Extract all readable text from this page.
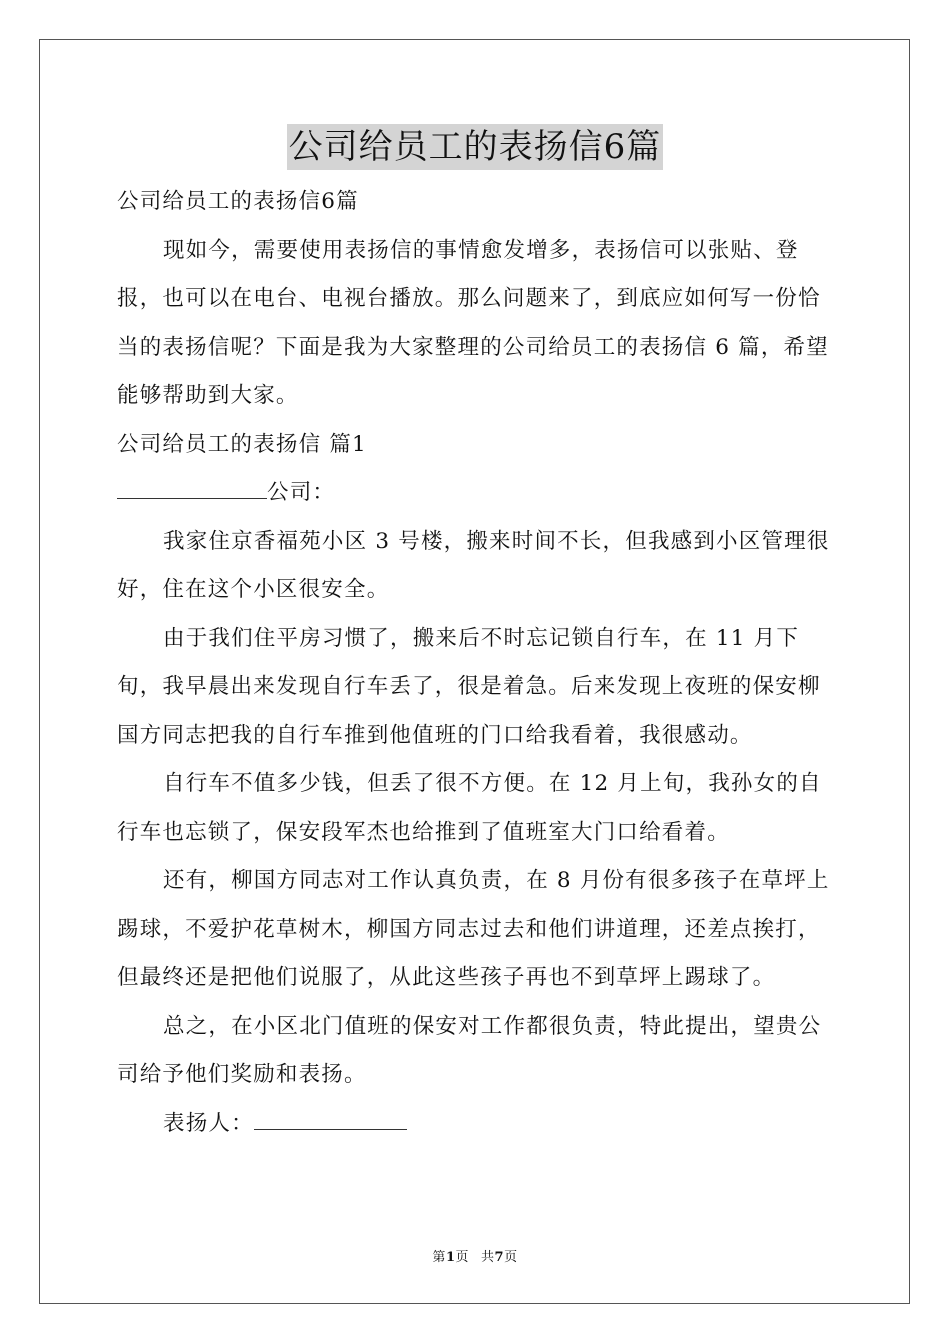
公司给员工的表扬信6篇

公司给员工的表扬信6篇

现如今，需要使用表扬信的事情愈发增多，表扬信可以张贴、登报，也可以在电台、电视台播放。那么问题来了，到底应如何写一份恰当的表扬信呢？下面是我为大家整理的公司给员工的表扬信 6 篇，希望能够帮助到大家。

公司给员工的表扬信 篇1

公司：

我家住京香福苑小区 3 号楼，搬来时间不长，但我感到小区管理很好，住在这个小区很安全。

由于我们住平房习惯了，搬来后不时忘记锁自行车，在 11 月下旬，我早晨出来发现自行车丢了，很是着急。后来发现上夜班的保安柳国方同志把我的自行车推到他值班的门口给我看着，我很感动。

自行车不值多少钱，但丢了很不方便。在 12 月上旬，我孙女的自行车也忘锁了，保安段军杰也给推到了值班室大门口给看着。

还有，柳国方同志对工作认真负责，在 8 月份有很多孩子在草坪上踢球，不爱护花草树木，柳国方同志过去和他们讲道理，还差点挨打，但最终还是把他们说服了，从此这些孩子再也不到草坪上踢球了。

总之，在小区北门值班的保安对工作都很负责，特此提出，望贵公司给予他们奖励和表扬。

表扬人：

第1页 共7页
